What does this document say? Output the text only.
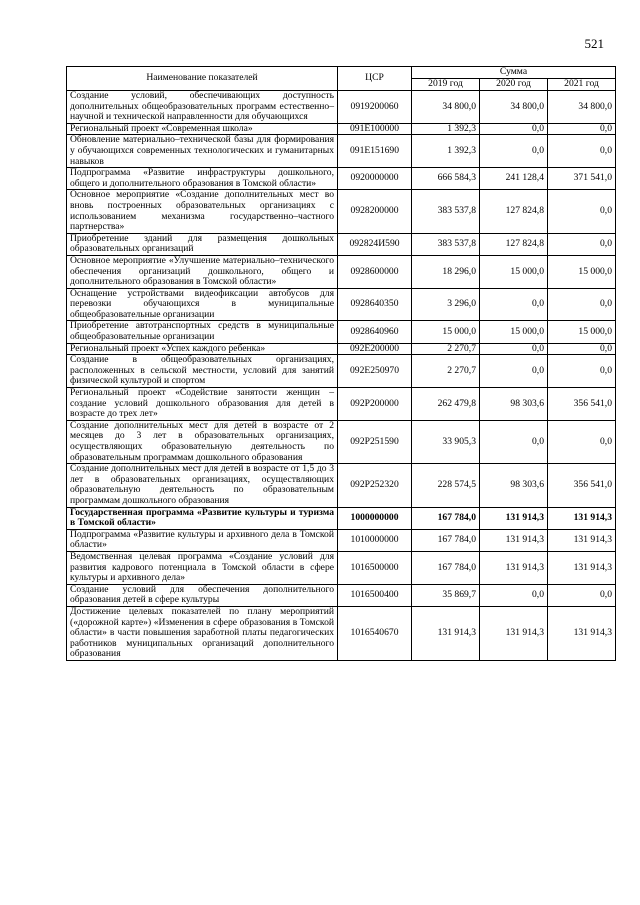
521
Наименование показателей	ЦСР	Сумма		
		2019 год	2020 год	2021 год
Создание условий, обеспечивающих доступность дополнительных общеобразовательных программ естественно–научной и технической направленности для обучающихся	0919200060	34 800,0	34 800,0	34 800,0
Региональный проект «Современная школа»	091E100000	1 392,3	0,0	0,0
Обновление материально–технической базы для формирования у обучающихся современных технологических и гуманитарных навыков	091E151690	1 392,3	0,0	0,0
Подпрограмма «Развитие инфраструктуры дошкольного, общего и дополнительного образования в Томской области»	0920000000	666 584,3	241 128,4	371 541,0
Основное мероприятие «Создание дополнительных мест во вновь построенных образовательных организациях с использованием механизма государственно–частного партнерства»	0928200000	383 537,8	127 824,8	0,0
Приобретение зданий для размещения дошкольных образовательных организаций	092824И590	383 537,8	127 824,8	0,0
Основное мероприятие «Улучшение материально–технического обеспечения организаций дошкольного, общего и дополнительного образования в Томской области»	0928600000	18 296,0	15 000,0	15 000,0
Оснащение устройствами видеофиксации автобусов для перевозки обучающихся в муниципальные общеобразовательные организации	0928640350	3 296,0	0,0	0,0
Приобретение автотранспортных средств в муниципальные общеобразовательные организации	0928640960	15 000,0	15 000,0	15 000,0
Региональный проект «Успех каждого ребенка»	092E200000	2 270,7	0,0	0,0
Создание в общеобразовательных организациях, расположенных в сельской местности, условий для занятий физической культурой и спортом	092E250970	2 270,7	0,0	0,0
Региональный проект «Содействие занятости женщин – создание условий дошкольного образования для детей в возрасте до трех лет»	092P200000	262 479,8	98 303,6	356 541,0
Создание дополнительных мест для детей в возрасте от 2 месяцев до 3 лет в образовательных организациях, осуществляющих образовательную деятельность по образовательным программам дошкольного образования	092P251590	33 905,3	0,0	0,0
Создание дополнительных мест для детей в возрасте от 1,5 до 3 лет в образовательных организациях, осуществляющих образовательную деятельность по образовательным программам дошкольного образования	092P252320	228 574,5	98 303,6	356 541,0
Государственная программа «Развитие культуры и туризма в Томской области»	1000000000	167 784,0	131 914,3	131 914,3
Подпрограмма «Развитие культуры и архивного дела в Томской области»	1010000000	167 784,0	131 914,3	131 914,3
Ведомственная целевая программа «Создание условий для развития кадрового потенциала в Томской области в сфере культуры и архивного дела»	1016500000	167 784,0	131 914,3	131 914,3
Создание условий для обеспечения дополнительного образования детей в сфере культуры	1016500400	35 869,7	0,0	0,0
Достижение целевых показателей по плану мероприятий («дорожной карте») «Изменения в сфере образования в Томской области» в части повышения заработной платы педагогических работников муниципальных организаций дополнительного образования	1016540670	131 914,3	131 914,3	131 914,3
